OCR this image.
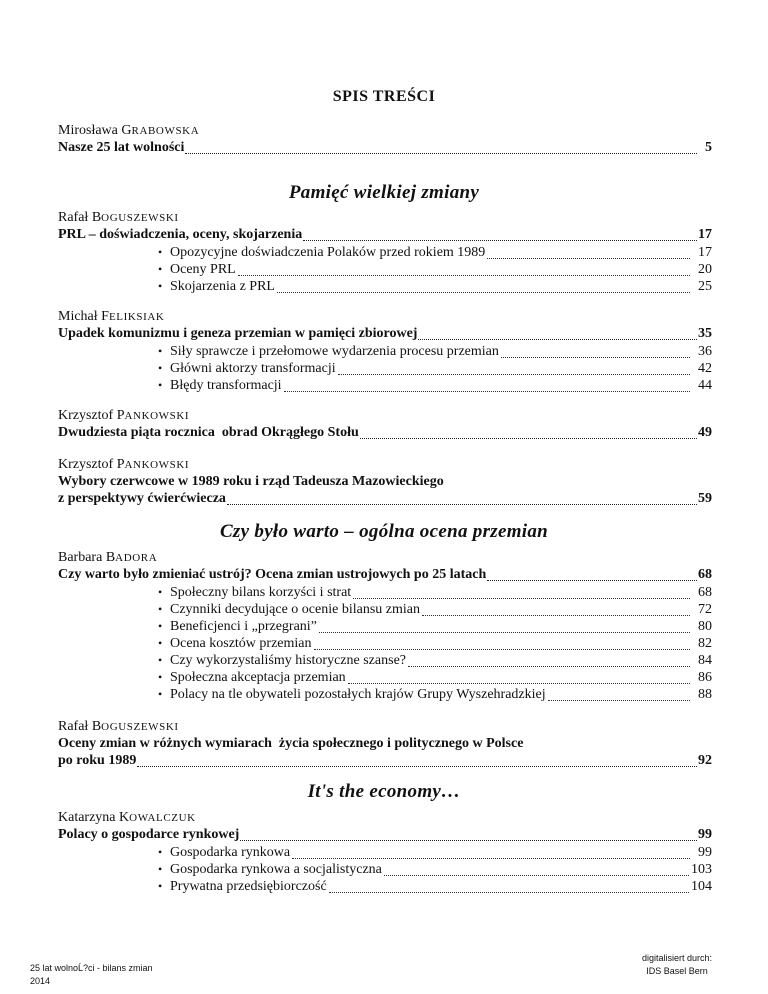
SPIS TREŚCI
Mirosława GRABOWSKA
Nasze 25 lat wolności	5
Pamięć wielkiej zmiany
Rafał BOGUSZEWSKI
PRL – doświadczenia, oceny, skojarzenia	17
• Opozycyjne doświadczenia Polaków przed rokiem 1989	17
• Oceny PRL	20
• Skojarzenia z PRL	25
Michał FELIKSIAK
Upadek komunizmu i geneza przemian w pamięci zbiorowej	35
• Siły sprawcze i przełomowe wydarzenia procesu przemian	36
• Główni aktorzy transformacji	42
• Błędy transformacji	44
Krzysztof PANKOWSKI
Dwudziesta piąta rocznica  obrad Okrągłego Stołu	49
Krzysztof PANKOWSKI
Wybory czerwcowe w 1989 roku i rząd Tadeusza Mazowieckiego
z perspektywy ćwierćwiecza	59
Czy było warto – ogólna ocena przemian
Barbara BADORA
Czy warto było zmieniać ustrój? Ocena zmian ustrojowych po 25 latach	68
• Społeczny bilans korzyści i strat	68
• Czynniki decydujące o ocenie bilansu zmian	72
• Beneficjenci i „przegrani”	80
• Ocena kosztów przemian	82
• Czy wykorzystaliśmy historyczne szanse?	84
• Społeczna akceptacja przemian	86
• Polacy na tle obywateli pozostałych krajów Grupy Wyszehradzkiej	88
Rafał BOGUSZEWSKI
Oceny zmian w różnych wymiarach  życia społecznego i politycznego w Polsce
po roku 1989	92
It's the economy…
Katarzyna KOWALCZUK
Polacy o gospodarce rynkowej	99
• Gospodarka rynkowa	99
• Gospodarka rynkowa a socjalistyczna	103
• Prywatna przedsiębiorczość	104
25 lat wolnoĹ?ci - bilans zmian
2014
digitalisiert durch:
IDS Basel Bern
